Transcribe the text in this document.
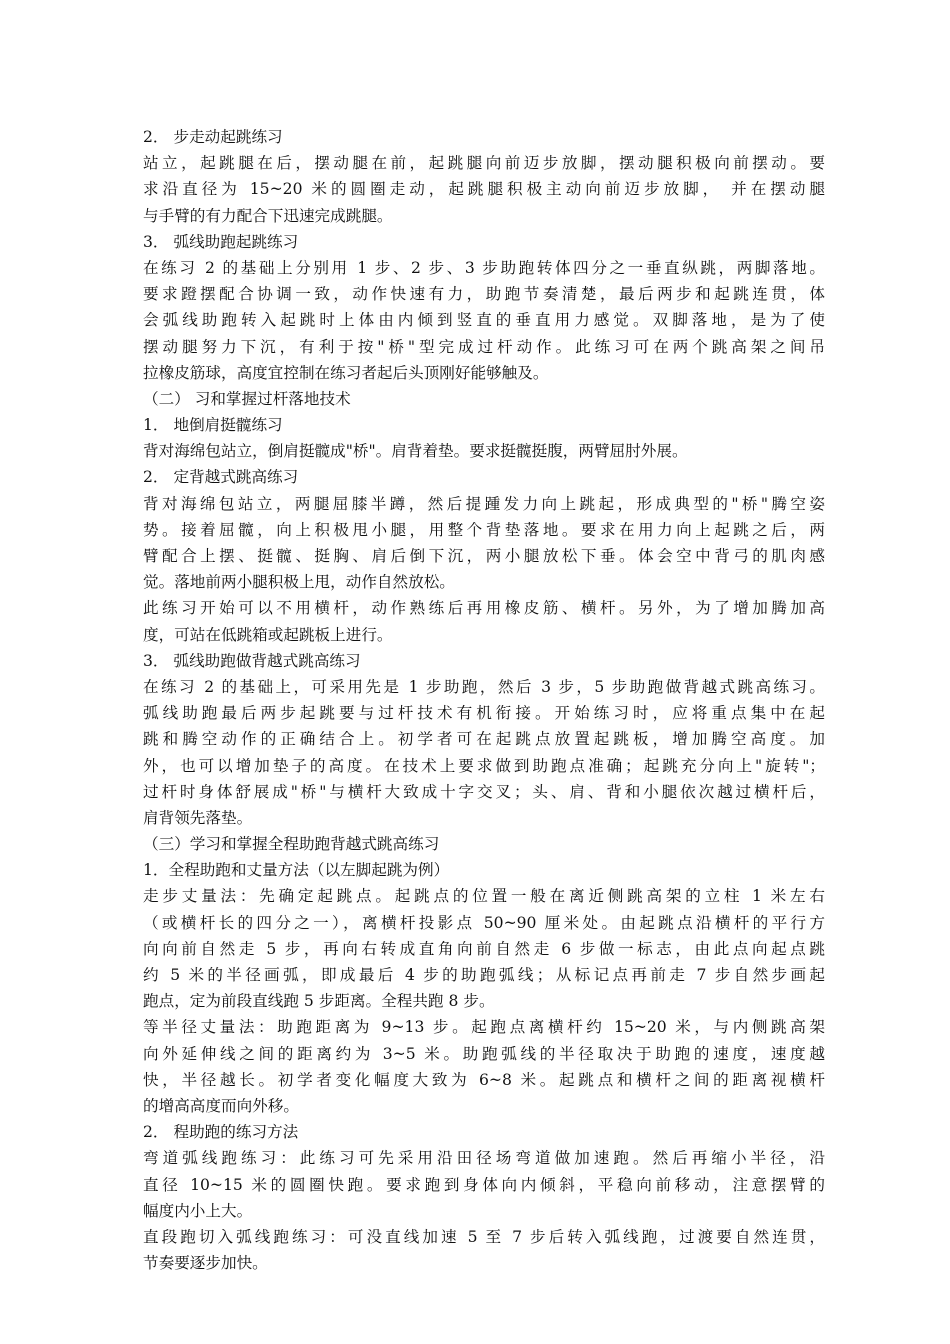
2． 步走动起跳练习
站立，起跳腿在后，摆动腿在前，起跳腿向前迈步放脚，摆动腿积极向前摆动。要
求沿直径为 15~20 米的圆圈走动，起跳腿积极主动向前迈步放脚， 并在摆动腿
与手臂的有力配合下迅速完成跳腿。
3． 弧线助跑起跳练习
在练习 2 的基础上分别用 1 步、2 步、3 步助跑转体四分之一垂直纵跳，两脚落地。
要求蹬摆配合协调一致，动作快速有力，助跑节奏清楚，最后两步和起跳连贯，体
会弧线助跑转入起跳时上体由内倾到竖直的垂直用力感觉。双脚落地，是为了使
摆动腿努力下沉，有利于按"桥"型完成过杆动作。此练习可在两个跳高架之间吊
拉橡皮筋球，高度宜控制在练习者起后头顶刚好能够触及。
（二） 习和掌握过杆落地技术
1． 地倒肩挺髋练习
背对海绵包站立，倒肩挺髋成"桥"。肩背着垫。要求挺髋挺腹，两臂屈肘外展。
2． 定背越式跳高练习
背对海绵包站立，两腿屈膝半蹲，然后提踵发力向上跳起，形成典型的"桥"腾空姿
势。接着屈髋，向上积极甩小腿，用整个背垫落地。要求在用力向上起跳之后，两
臂配合上摆、挺髋、挺胸、肩后倒下沉，两小腿放松下垂。体会空中背弓的肌肉感
觉。落地前两小腿积极上甩，动作自然放松。
此练习开始可以不用横杆，动作熟练后再用橡皮筋、横杆。另外，为了增加腾加高
度，可站在低跳箱或起跳板上进行。
3． 弧线助跑做背越式跳高练习
在练习 2 的基础上，可采用先是 1 步助跑，然后 3 步，5 步助跑做背越式跳高练习。
弧线助跑最后两步起跳要与过杆技术有机衔接。开始练习时，应将重点集中在起
跳和腾空动作的正确结合上。初学者可在起跳点放置起跳板，增加腾空高度。加
外，也可以增加垫子的高度。在技术上要求做到助跑点准确；起跳充分向上"旋转"；
过杆时身体舒展成"桥"与横杆大致成十字交叉；头、肩、背和小腿依次越过横杆后，
肩背领先落垫。
（三）学习和掌握全程助跑背越式跳高练习
1．全程助跑和丈量方法（以左脚起跳为例）
走步丈量法：先确定起跳点。起跳点的位置一般在离近侧跳高架的立柱 1 米左右
（或横杆长的四分之一），离横杆投影点 50~90 厘米处。由起跳点沿横杆的平行方
向向前自然走 5 步，再向右转成直角向前自然走 6 步做一标志，由此点向起点跳
约 5 米的半径画弧，即成最后 4 步的助跑弧线；从标记点再前走 7 步自然步画起
跑点，定为前段直线跑 5 步距离。全程共跑 8 步。
等半径丈量法：助跑距离为 9~13 步。起跑点离横杆约 15~20 米，与内侧跳高架
向外延伸线之间的距离约为 3~5 米。助跑弧线的半径取决于助跑的速度，速度越
快，半径越长。初学者变化幅度大致为 6~8 米。起跳点和横杆之间的距离视横杆
的增高高度而向外移。
2． 程助跑的练习方法
弯道弧线跑练习：此练习可先采用沿田径场弯道做加速跑。然后再缩小半径，沿
直径 10~15 米的圆圈快跑。要求跑到身体向内倾斜，平稳向前移动，注意摆臂的
幅度内小上大。
直段跑切入弧线跑练习：可没直线加速 5 至 7 步后转入弧线跑，过渡要自然连贯，
节奏要逐步加快。
